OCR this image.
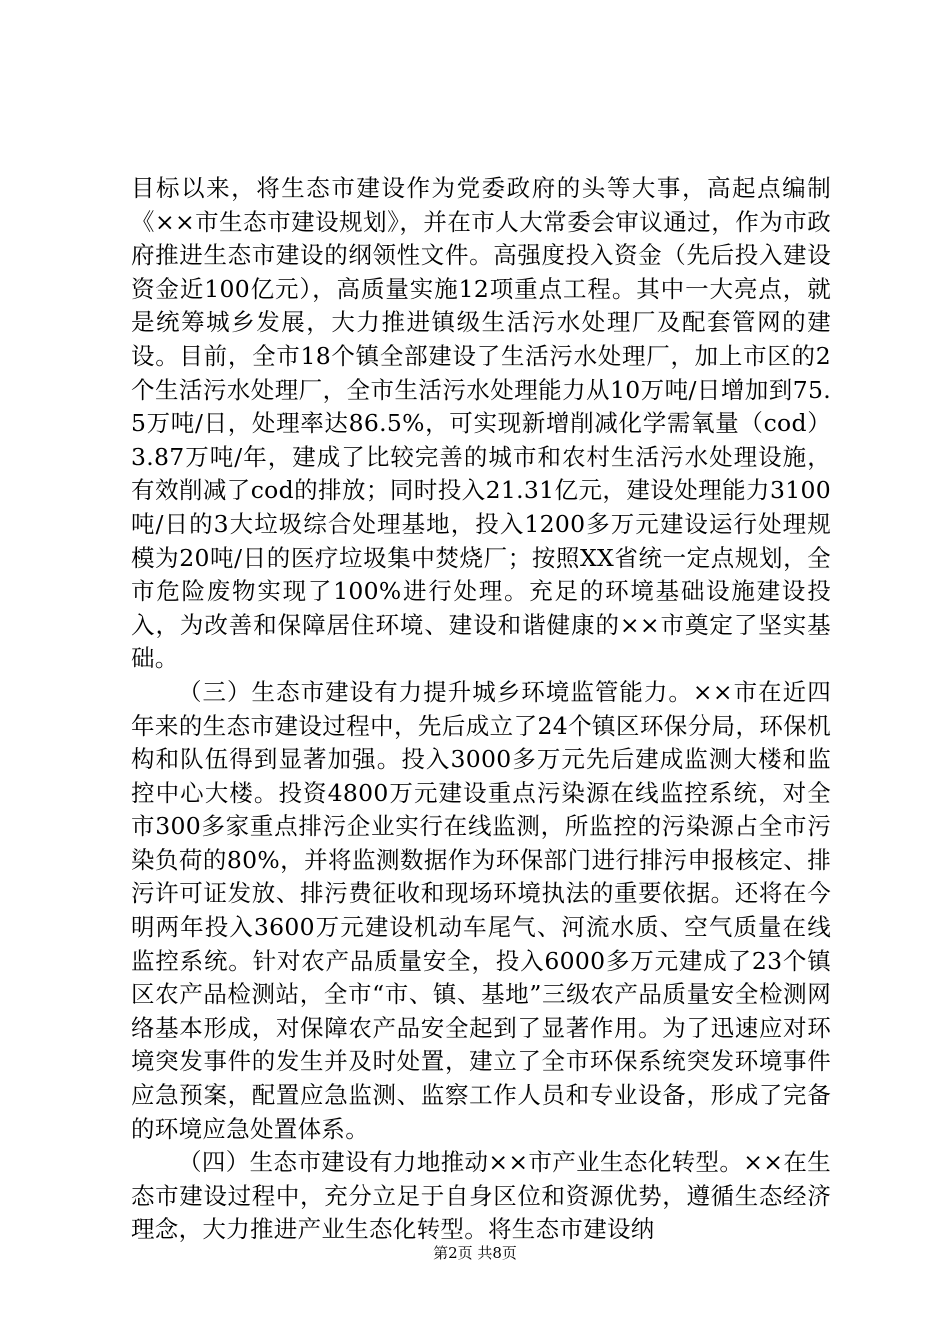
目标以来，将生态市建设作为党委政府的头等大事，高起点编制《××市生态市建设规划》，并在市人大常委会审议通过，作为市政府推进生态市建设的纲领性文件。高强度投入资金（先后投入建设资金近100亿元），高质量实施12项重点工程。其中一大亮点，就是统筹城乡发展，大力推进镇级生活污水处理厂及配套管网的建设。目前，全市18个镇全部建设了生活污水处理厂，加上市区的2个生活污水处理厂，全市生活污水处理能力从10万吨/日增加到75.5万吨/日，处理率达86.5%，可实现新增削减化学需氧量（cod）3.87万吨/年，建成了比较完善的城市和农村生活污水处理设施，有效削减了cod的排放；同时投入21.31亿元，建设处理能力3100吨/日的3大垃圾综合处理基地，投入1200多万元建设运行处理规模为20吨/日的医疗垃圾集中焚烧厂；按照XX省统一定点规划，全市危险废物实现了100%进行处理。充足的环境基础设施建设投入，为改善和保障居住环境、建设和谐健康的××市奠定了坚实基础。

（三）生态市建设有力提升城乡环境监管能力。××市在近四年来的生态市建设过程中，先后成立了24个镇区环保分局，环保机构和队伍得到显著加强。投入3000多万元先后建成监测大楼和监控中心大楼。投资4800万元建设重点污染源在线监控系统，对全市300多家重点排污企业实行在线监测，所监控的污染源占全市污染负荷的80%，并将监测数据作为环保部门进行排污申报核定、排污许可证发放、排污费征收和现场环境执法的重要依据。还将在今明两年投入3600万元建设机动车尾气、河流水质、空气质量在线监控系统。针对农产品质量安全，投入6000多万元建成了23个镇区农产品检测站，全市“市、镇、基地”三级农产品质量安全检测网络基本形成，对保障农产品安全起到了显著作用。为了迅速应对环境突发事件的发生并及时处置，建立了全市环保系统突发环境事件应急预案，配置应急监测、监察工作人员和专业设备，形成了完备的环境应急处置体系。

（四）生态市建设有力地推动××市产业生态化转型。××在生态市建设过程中，充分立足于自身区位和资源优势，遵循生态经济理念，大力推进产业生态化转型。将生态市建设纳

第2页 共8页
